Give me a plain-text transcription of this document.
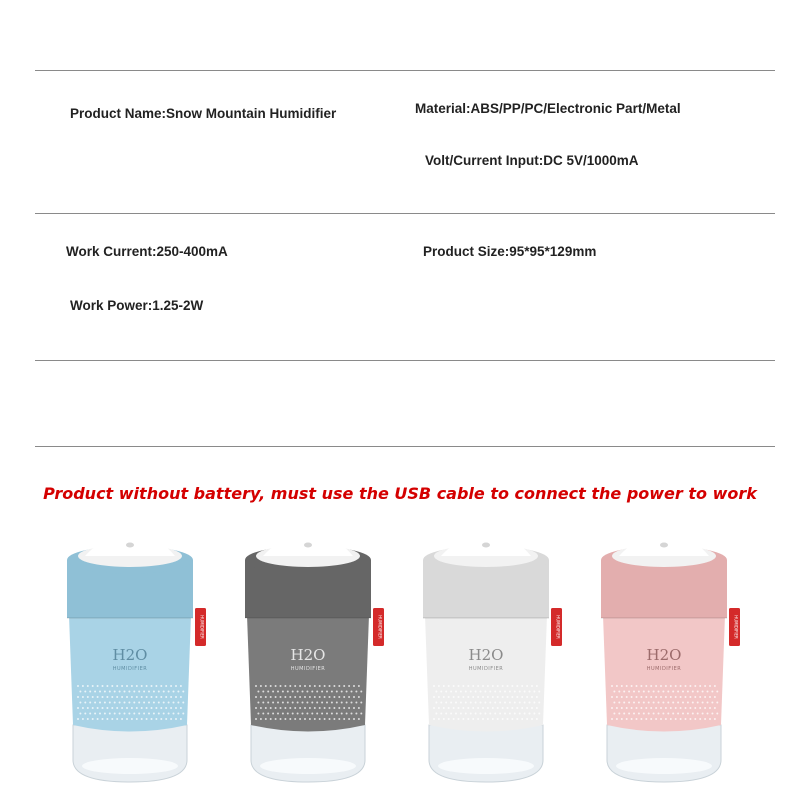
Product Name:Snow Mountain Humidifier	Material:ABS/PP/PC/Electronic Part/Metal
Volt/Current Input:DC 5V/1000mA
Work Current:250-400mA	Product Size:95*95*129mm
Work Power:1.25-2W
Product without battery, must use the USB cable to connect the power to work
H2O
HUMIDIFIER
HUMIDIFIER
H2O
HUMIDIFIER
HUMIDIFIER
H2O
HUMIDIFIER
HUMIDIFIER
H2O
HUMIDIFIER
HUMIDIFIER
